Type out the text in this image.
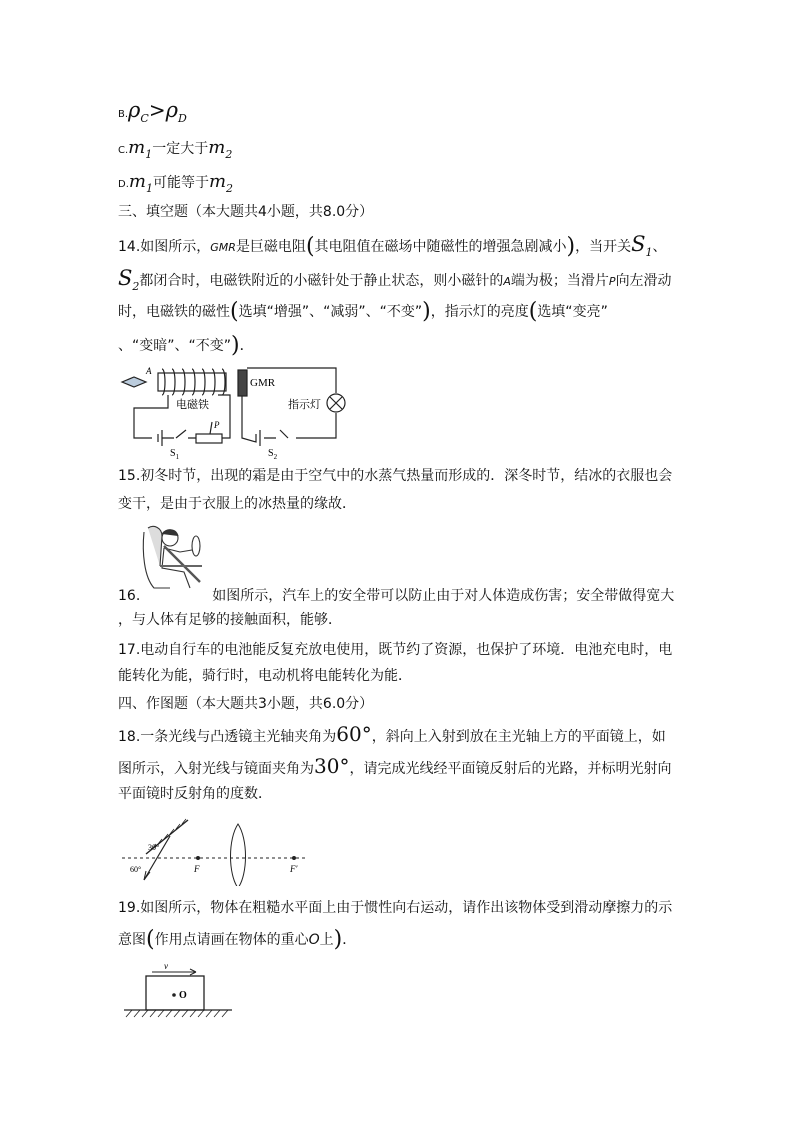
$B.\rho_C>\rho_D$
$C.m_1$一定大于$m_2$
$D.m_1$可能等于$m_2$
三、填空题（本大题共4小题，共8.0分）
14.如图所示，GMR是巨磁电阻(其电阻值在磁场中随磁性的增强急剧减小)，当开关$S_1$、
$S_2$都闭合时，电磁铁附近的小磁针处于静止状态，则小磁针的A端为极；当滑片P向左滑动
时，电磁铁的磁性(选填“增强”、“减弱”、“不变”)，指示灯的亮度(选填“变亮”
、“变暗”、“不变”)．
A
电磁铁
GMR
指示灯
P
$S_1$	$S_2$
15.初冬时节，出现的霜是由于空气中的水蒸气热量而形成的．深冬时节，结冰的衣服也会
变干，是由于衣服上的冰热量的缘故．
16.	如图所示，汽车上的安全带可以防止由于对人体造成伤害；安全带做得宽大
，与人体有足够的接触面积，能够．
17.电动自行车的电池能反复充放电使用，既节约了资源，也保护了环境．电池充电时，电
能转化为能，骑行时，电动机将电能转化为能．
四、作图题（本大题共3小题，共6.0分）
18.一条光线与凸透镜主光轴夹角为60°，斜向上入射到放在主光轴上方的平面镜上，如
图所示，入射光线与镜面夹角为30°，请完成光线经平面镜反射后的光路，并标明光射向
平面镜时反射角的度数．
30°
60°	F	F′
19.如图所示，物体在粗糙水平面上由于惯性向右运动，请作出该物体受到滑动摩擦力的示
意图(作用点请画在物体的重心O上)．
v
O
